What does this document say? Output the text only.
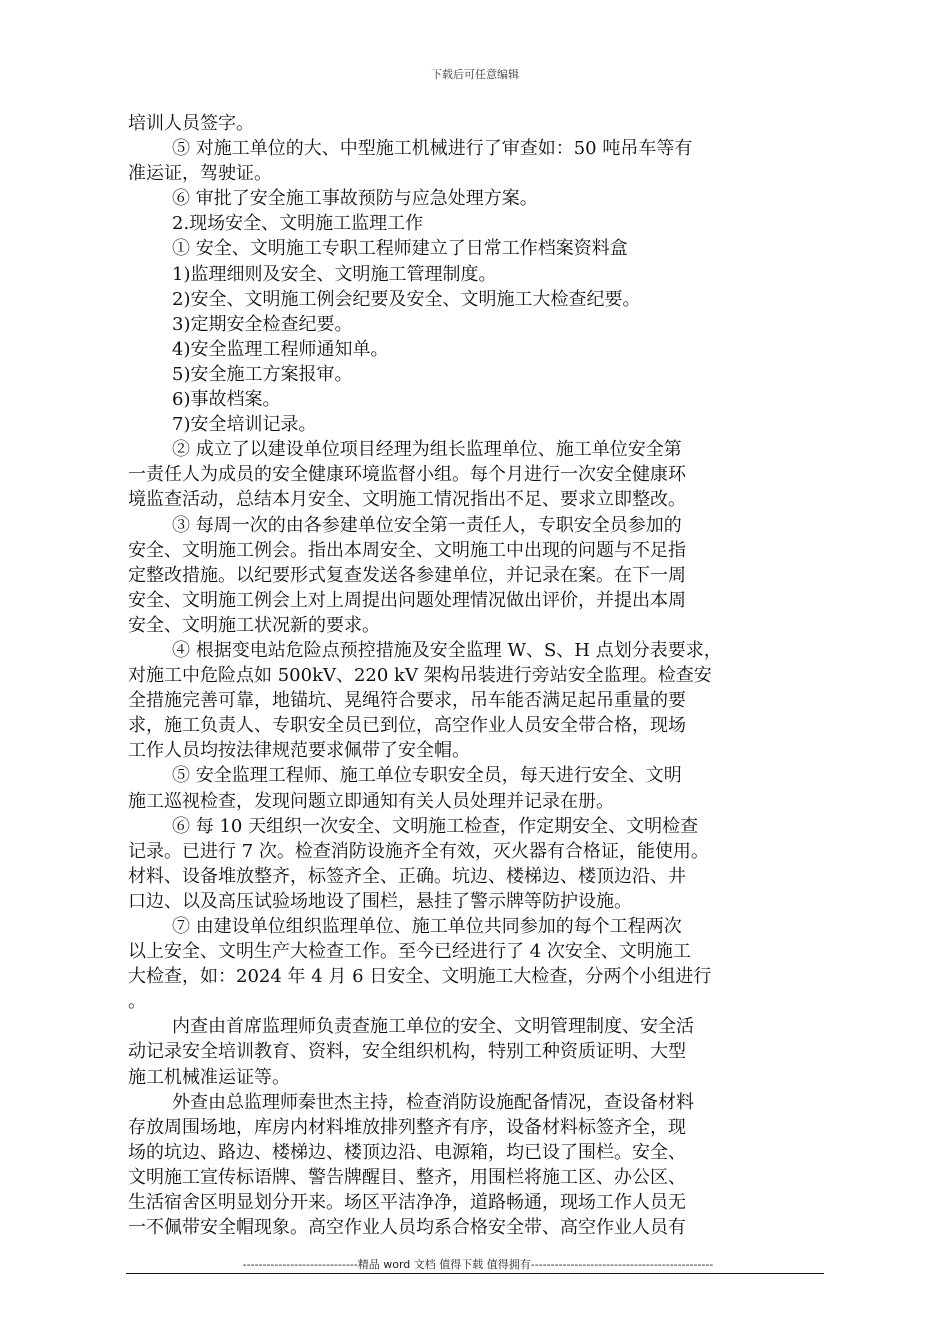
下载后可任意编辑
培训人员签字。
⑤ 对施工单位的大、中型施工机械进行了审查如：50 吨吊车等有
准运证，驾驶证。
⑥ 审批了安全施工事故预防与应急处理方案。
2.现场安全、文明施工监理工作
① 安全、文明施工专职工程师建立了日常工作档案资料盒
1)监理细则及安全、文明施工管理制度。
2)安全、文明施工例会纪要及安全、文明施工大检查纪要。
3)定期安全检查纪要。
4)安全监理工程师通知单。
5)安全施工方案报审。
6)事故档案。
7)安全培训记录。
② 成立了以建设单位项目经理为组长监理单位、施工单位安全第
一责任人为成员的安全健康环境监督小组。每个月进行一次安全健康环
境监查活动，总结本月安全、文明施工情况指出不足、要求立即整改。
③ 每周一次的由各参建单位安全第一责任人，专职安全员参加的
安全、文明施工例会。指出本周安全、文明施工中出现的问题与不足指
定整改措施。以纪要形式复查发送各参建单位，并记录在案。在下一周
安全、文明施工例会上对上周提出问题处理情况做出评价，并提出本周
安全、文明施工状况新的要求。
④ 根据变电站危险点预控措施及安全监理 W、S、H 点划分表要求，
对施工中危险点如 500kV、220 kV 架构吊装进行旁站安全监理。检查安
全措施完善可靠，地锚坑、晃绳符合要求，吊车能否满足起吊重量的要
求，施工负责人、专职安全员已到位，高空作业人员安全带合格，现场
工作人员均按法律规范要求佩带了安全帽。
⑤ 安全监理工程师、施工单位专职安全员，每天进行安全、文明
施工巡视检查，发现问题立即通知有关人员处理并记录在册。
⑥ 每 10 天组织一次安全、文明施工检查，作定期安全、文明检查
记录。已进行 7 次。检查消防设施齐全有效，灭火器有合格证，能使用。
材料、设备堆放整齐，标签齐全、正确。坑边、楼梯边、楼顶边沿、井
口边、以及高压试验场地设了围栏，悬挂了警示牌等防护设施。
⑦ 由建设单位组织监理单位、施工单位共同参加的每个工程两次
以上安全、文明生产大检查工作。至今已经进行了 4 次安全、文明施工
大检查，如：2024 年 4 月 6 日安全、文明施工大检查，分两个小组进行
。
内查由首席监理师负责查施工单位的安全、文明管理制度、安全活
动记录安全培训教育、资料，安全组织机构，特别工种资质证明、大型
施工机械准运证等。
外查由总监理师秦世杰主持，检查消防设施配备情况，查设备材料
存放周围场地，库房内材料堆放排列整齐有序，设备材料标签齐全，现
场的坑边、路边、楼梯边、楼顶边沿、电源箱，均已设了围栏。安全、
文明施工宣传标语牌、警告牌醒目、整齐，用围栏将施工区、办公区、
生活宿舍区明显划分开来。场区平洁净净，道路畅通，现场工作人员无
一不佩带安全帽现象。高空作业人员均系合格安全带、高空作业人员有
-----------------------------精品 word 文档 值得下载 值得拥有----------------------------------------------
